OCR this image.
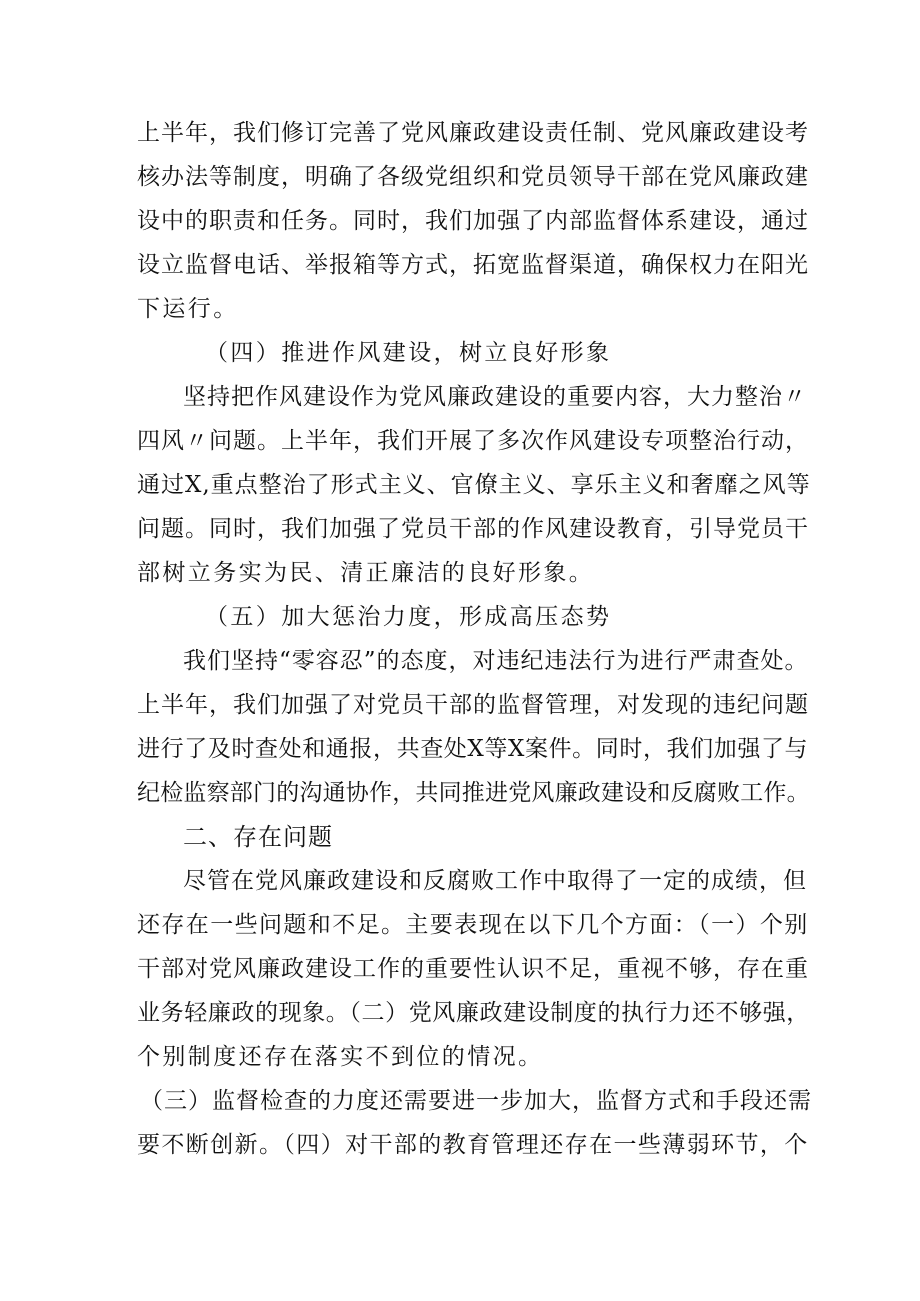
上半年，我们修订完善了党风廉政建设责任制、党风廉政建设考
核办法等制度，明确了各级党组织和党员领导干部在党风廉政建
设中的职责和任务。同时，我们加强了内部监督体系建设，通过
设立监督电话、举报箱等方式，拓宽监督渠道，确保权力在阳光
下运行。
（四）推进作风建设，树立良好形象
坚持把作风建设作为党风廉政建设的重要内容，大力整治〃
四风〃问题。上半年，我们开展了多次作风建设专项整治行动，
通过X,重点整治了形式主义、官僚主义、享乐主义和奢靡之风等
问题。同时，我们加强了党员干部的作风建设教育，引导党员干
部树立务实为民、清正廉洁的良好形象。
（五）加大惩治力度，形成高压态势
我们坚持“零容忍”的态度，对违纪违法行为进行严肃查处。
上半年，我们加强了对党员干部的监督管理，对发现的违纪问题
进行了及时查处和通报，共查处X等X案件。同时，我们加强了与
纪检监察部门的沟通协作，共同推进党风廉政建设和反腐败工作。
二、存在问题
尽管在党风廉政建设和反腐败工作中取得了一定的成绩，但
还存在一些问题和不足。主要表现在以下几个方面：（一）个别
干部对党风廉政建设工作的重要性认识不足，重视不够，存在重
业务轻廉政的现象。（二）党风廉政建设制度的执行力还不够强，
个别制度还存在落实不到位的情况。
（三）监督检查的力度还需要进一步加大，监督方式和手段还需
要不断创新。（四）对干部的教育管理还存在一些薄弱环节，个
